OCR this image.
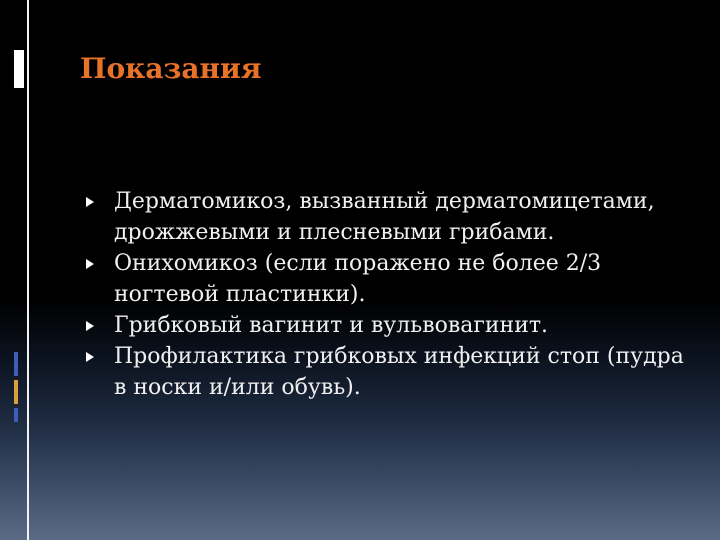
Показания
Дерматомикоз, вызванный дерматомицетами, дрожжевыми и плесневыми грибами.
Онихомикоз (если поражено не более 2/3 ногтевой пластинки).
Грибковый вагинит и вульвовагинит.
Профилактика грибковых инфекций стоп (пудра в носки и/или обувь).
